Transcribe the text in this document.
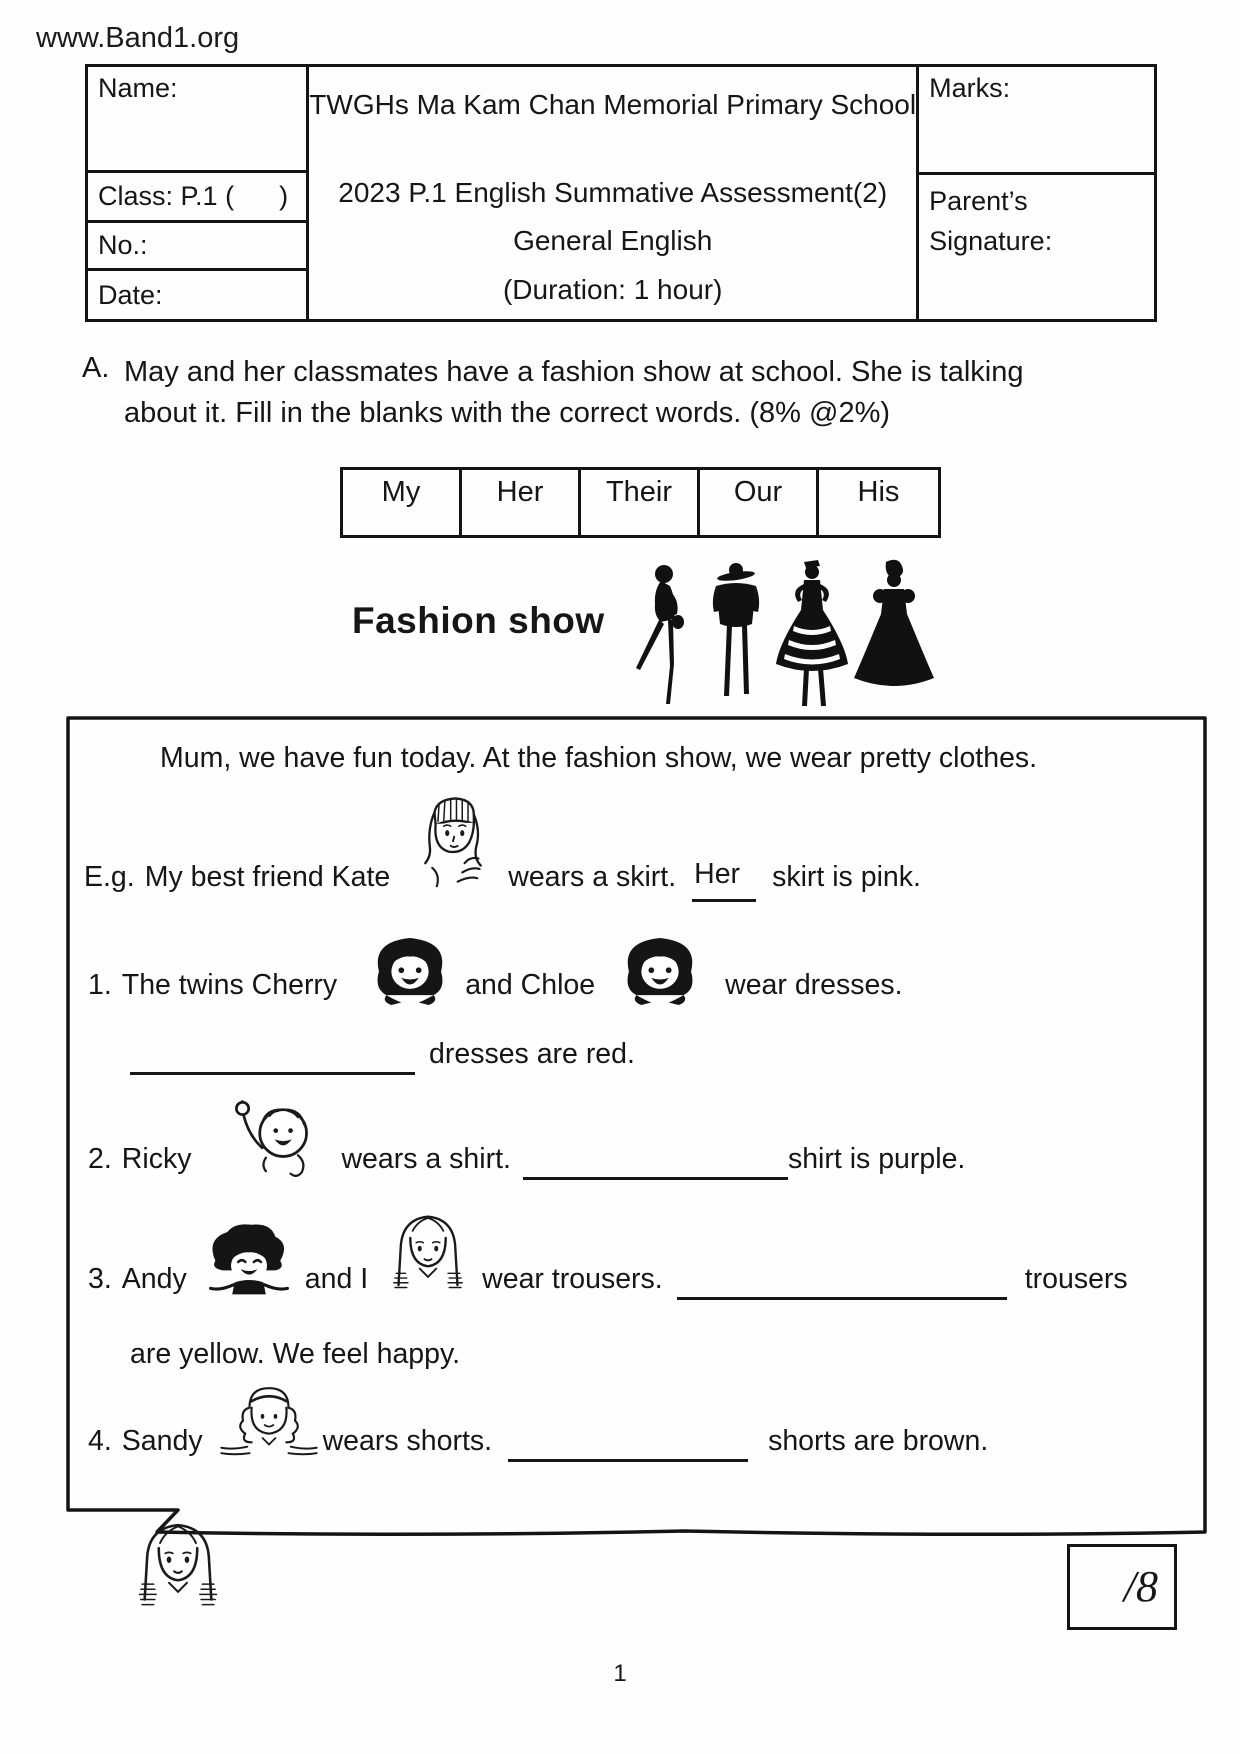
www.Band1.org
Name:
Class: P.1 (      )
No.:
Date:
TWGHs Ma Kam Chan Memorial Primary School
2023 P.1 English Summative Assessment(2)
General English
(Duration: 1 hour)
Marks:
Parent’s
Signature:
A. May and her classmates have a fashion show at school. She is talking
about it. Fill in the blanks with the correct words. (8% @2%)
My	Her	Their	Our	His
Fashion show
Mum, we have fun today. At the fashion show, we wear pretty clothes.
E.g. My best friend Kate	wears a skirt. Her	skirt is pink.
1. The twins Cherry	and Chloe	wear dresses.
dresses are red.
2. Ricky	wears a shirt.	shirt is purple.
3. Andy	and I	wear trousers.	trousers
are yellow. We feel happy.
4. Sandy	wears shorts.	shorts are brown.
/8
1
